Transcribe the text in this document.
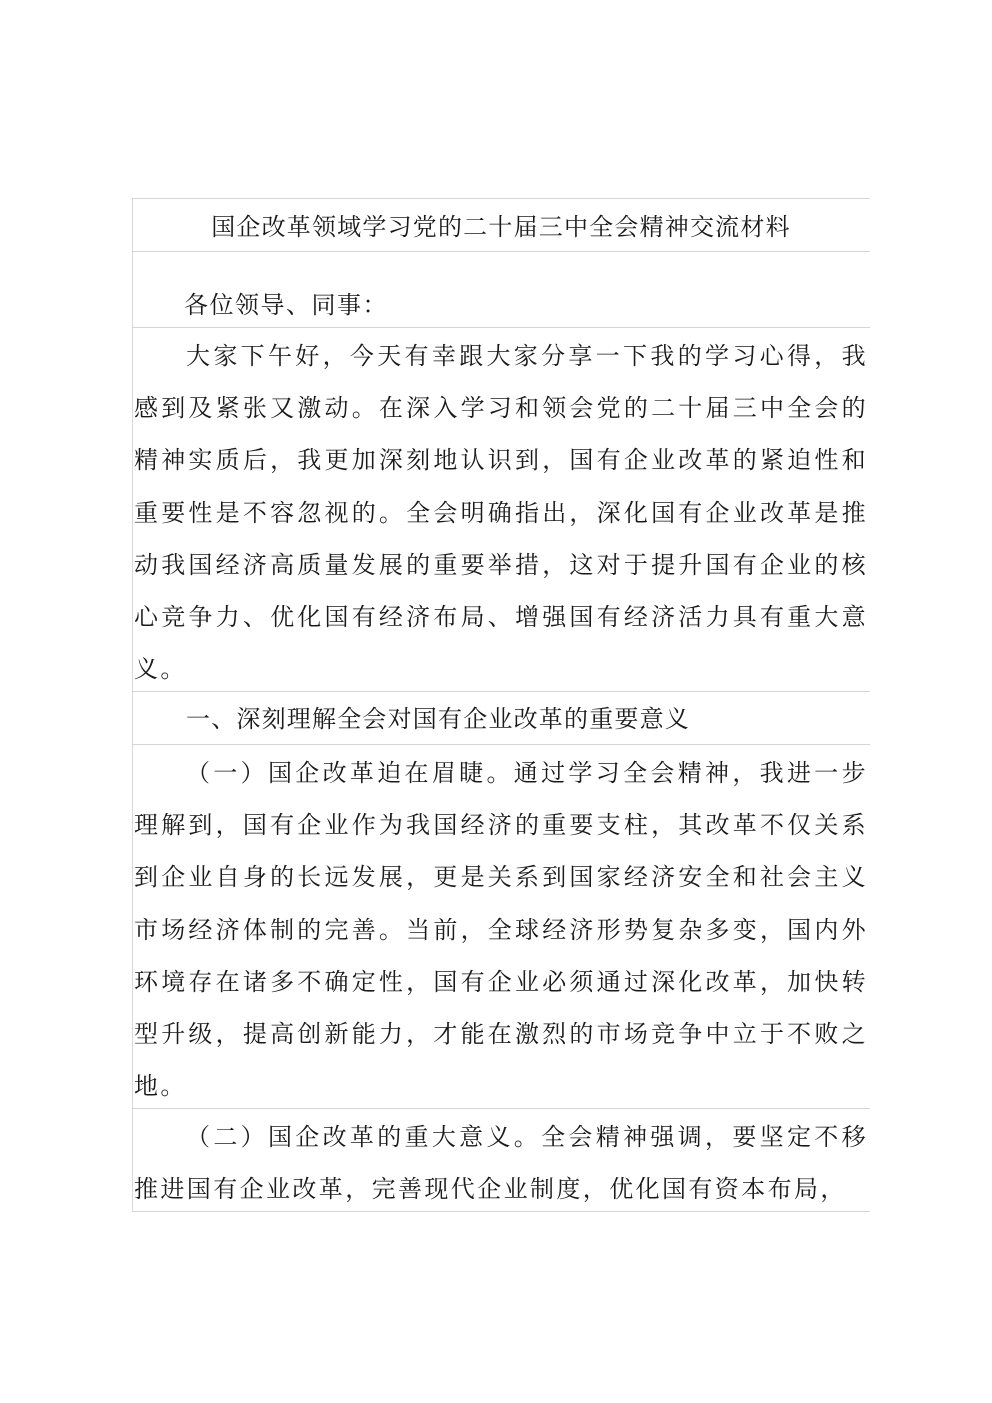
国企改革领域学习党的二十届三中全会精神交流材料
各位领导、同事：
大家下午好，今天有幸跟大家分享一下我的学习心得，我感到及紧张又激动。在深入学习和领会党的二十届三中全会的精神实质后，我更加深刻地认识到，国有企业改革的紧迫性和重要性是不容忽视的。全会明确指出，深化国有企业改革是推动我国经济高质量发展的重要举措，这对于提升国有企业的核心竞争力、优化国有经济布局、增强国有经济活力具有重大意义。
一、深刻理解全会对国有企业改革的重要意义
（一）国企改革迫在眉睫。通过学习全会精神，我进一步理解到，国有企业作为我国经济的重要支柱，其改革不仅关系到企业自身的长远发展，更是关系到国家经济安全和社会主义市场经济体制的完善。当前，全球经济形势复杂多变，国内外环境存在诸多不确定性，国有企业必须通过深化改革，加快转型升级，提高创新能力，才能在激烈的市场竞争中立于不败之地。
（二）国企改革的重大意义。全会精神强调，要坚定不移推进国有企业改革，完善现代企业制度，优化国有资本布局，
